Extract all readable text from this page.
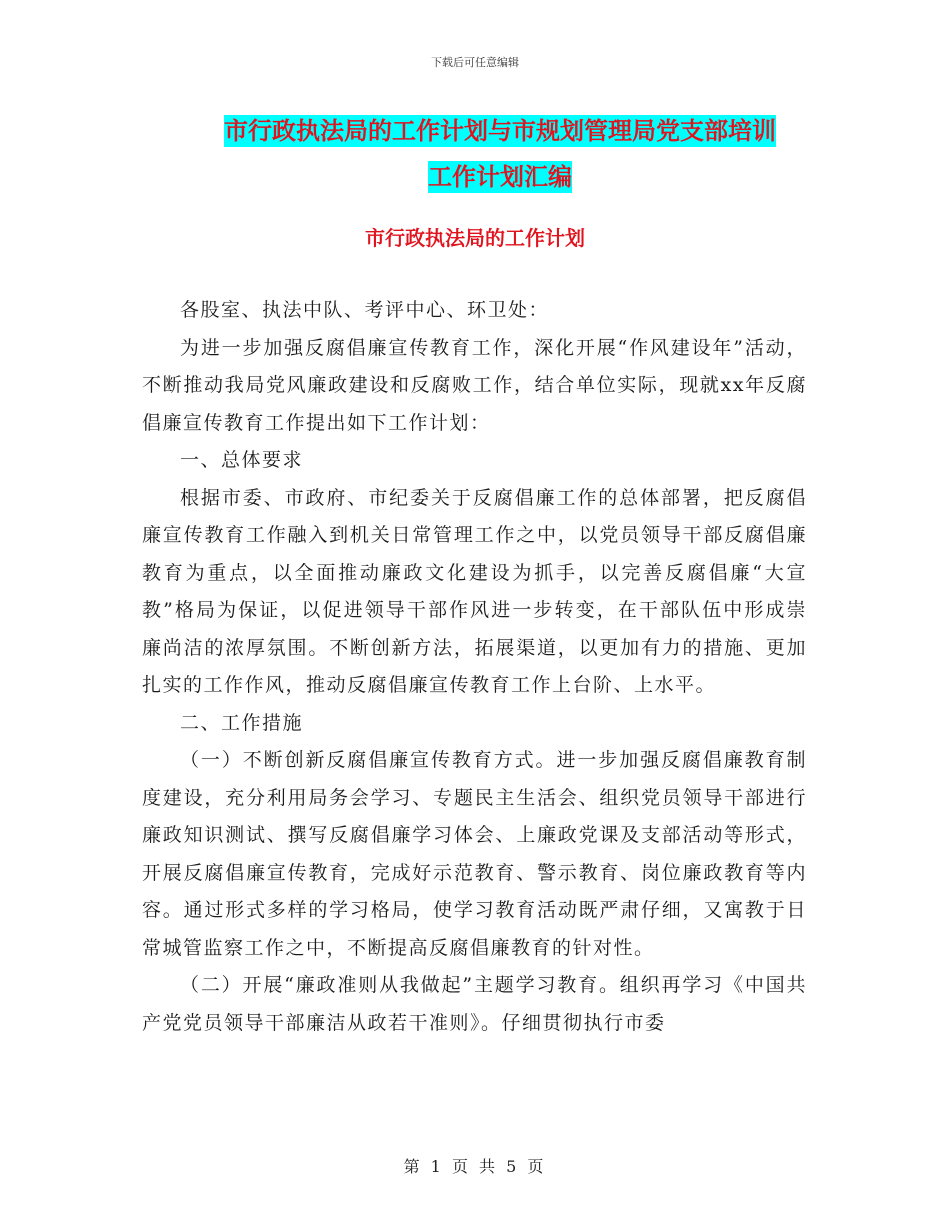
下载后可任意编辑
市行政执法局的工作计划与市规划管理局党支部培训
工作计划汇编
市行政执法局的工作计划

各股室、执法中队、考评中心、环卫处：

为进一步加强反腐倡廉宣传教育工作，深化开展“作风建设年”活动，不断推动我局党风廉政建设和反腐败工作，结合单位实际，现就xx年反腐倡廉宣传教育工作提出如下工作计划：

一、总体要求

根据市委、市政府、市纪委关于反腐倡廉工作的总体部署，把反腐倡廉宣传教育工作融入到机关日常管理工作之中，以党员领导干部反腐倡廉教育为重点，以全面推动廉政文化建设为抓手，以完善反腐倡廉“大宣教”格局为保证，以促进领导干部作风进一步转变，在干部队伍中形成崇廉尚洁的浓厚氛围。不断创新方法，拓展渠道，以更加有力的措施、更加扎实的工作作风，推动反腐倡廉宣传教育工作上台阶、上水平。

二、工作措施

（一）不断创新反腐倡廉宣传教育方式。进一步加强反腐倡廉教育制度建设，充分利用局务会学习、专题民主生活会、组织党员领导干部进行廉政知识测试、撰写反腐倡廉学习体会、上廉政党课及支部活动等形式，开展反腐倡廉宣传教育，完成好示范教育、警示教育、岗位廉政教育等内容。通过形式多样的学习格局，使学习教育活动既严肃仔细，又寓教于日常城管监察工作之中，不断提高反腐倡廉教育的针对性。

（二）开展“廉政准则从我做起”主题学习教育。组织再学习《中国共产党党员领导干部廉洁从政若干准则》。仔细贯彻执行市委

第 1 页 共 5 页
